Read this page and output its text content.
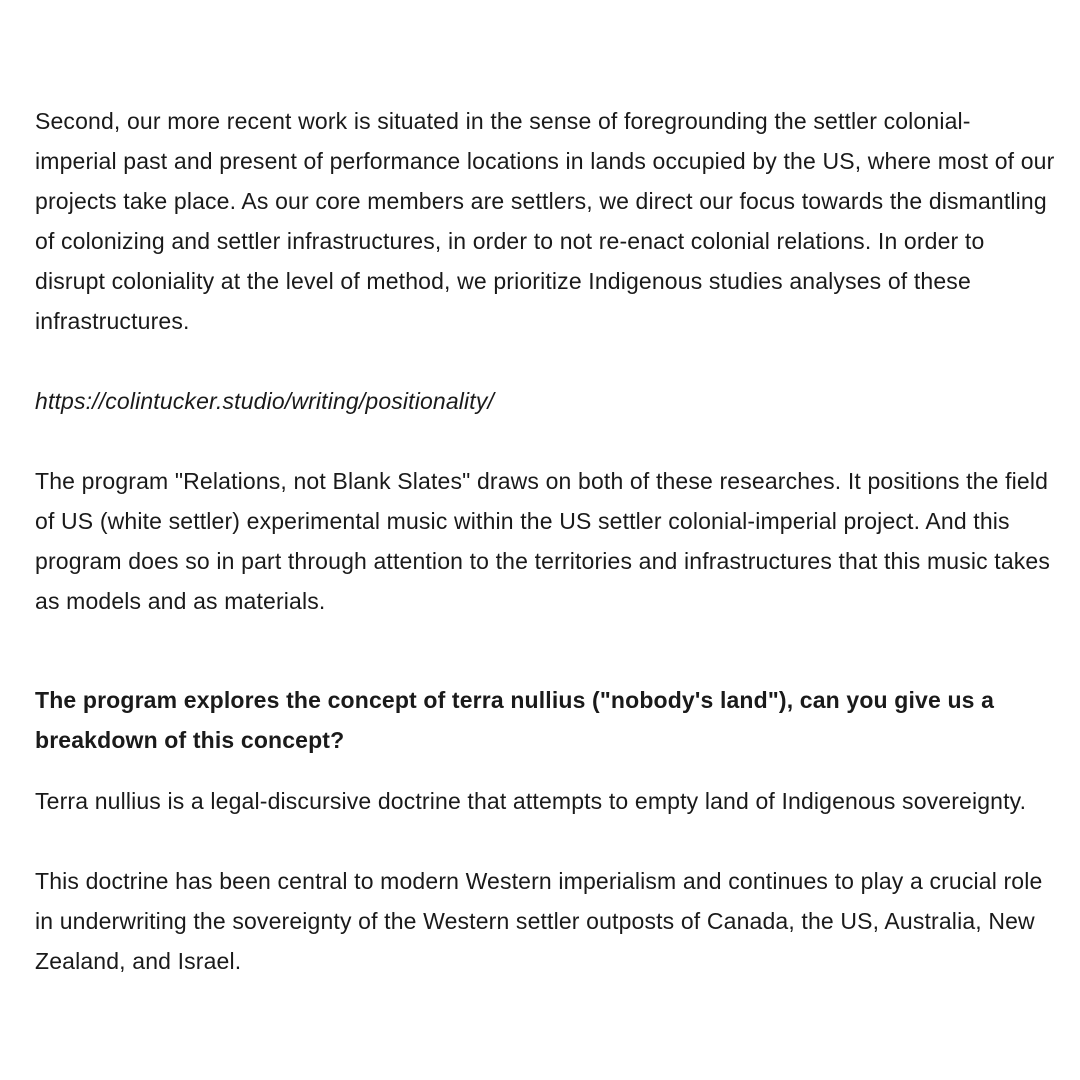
Second, our more recent work is situated in the sense of foregrounding the settler colonial- imperial past and present of performance locations in lands occupied by the US, where most of our projects take place. As our core members are settlers, we direct our focus towards the dismantling of colonizing and settler infrastructures, in order to not re-enact colonial relations. In order to disrupt coloniality at the level of method, we prioritize Indigenous studies analyses of these infrastructures.

https://colintucker.studio/writing/positionality/

The program "Relations, not Blank Slates" draws on both of these researches. It positions the field of US (white settler) experimental music within the US settler colonial-imperial project. And this program does so in part through attention to the territories and infrastructures that this music takes as models and as materials.

The program explores the concept of terra nullius ("nobody's land"), can you give us a breakdown of this concept?

Terra nullius is a legal-discursive doctrine that attempts to empty land of Indigenous sovereignty.

This doctrine has been central to modern Western imperialism and continues to play a crucial role in underwriting the sovereignty of the Western settler outposts of Canada, the US, Australia, New Zealand, and Israel.
